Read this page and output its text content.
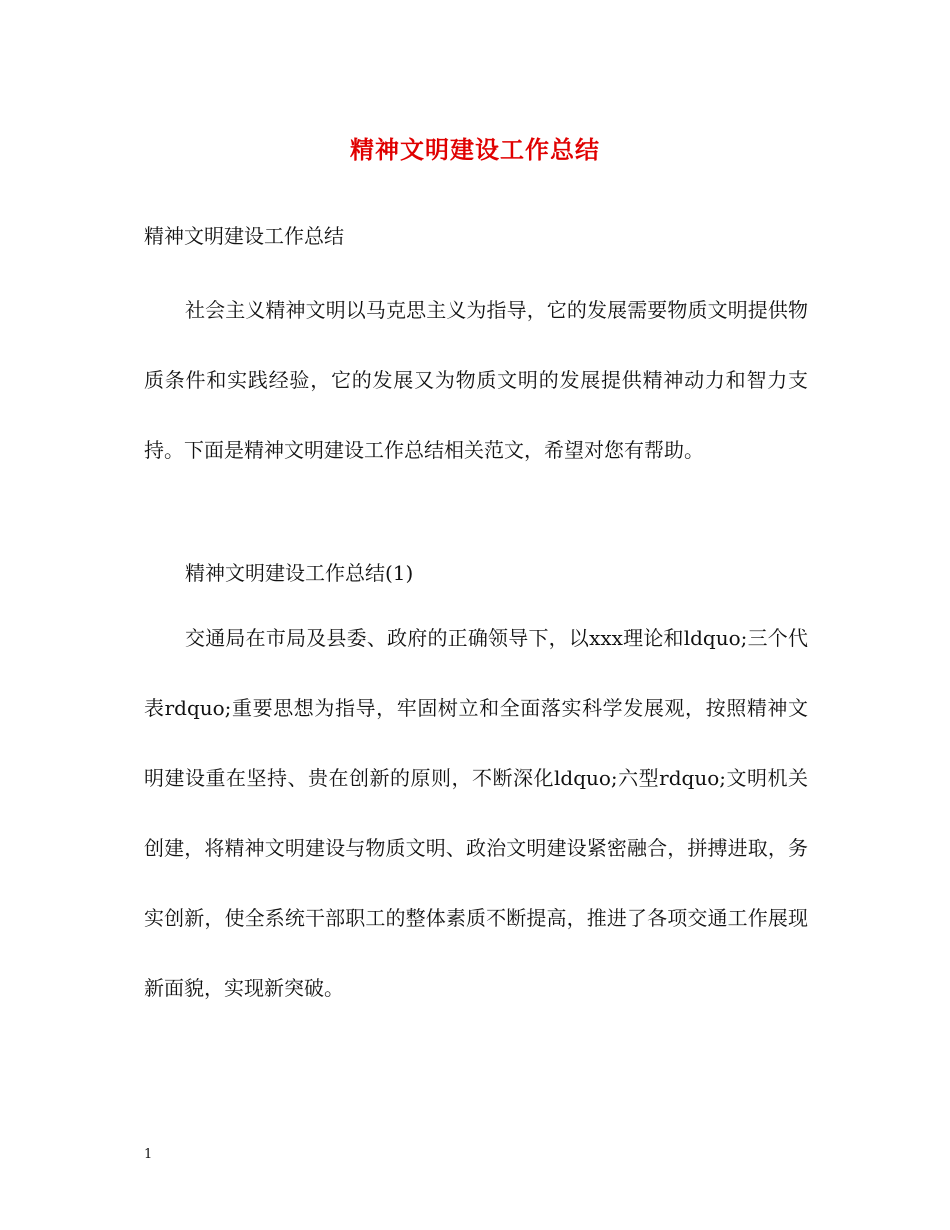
精神文明建设工作总结
精神文明建设工作总结

社会主义精神文明以马克思主义为指导，它的发展需要物质文明提供物质条件和实践经验，它的发展又为物质文明的发展提供精神动力和智力支持。下面是精神文明建设工作总结相关范文，希望对您有帮助。

精神文明建设工作总结(1)

交通局在市局及县委、政府的正确领导下，以xxx理论和ldquo;三个代表rdquo;重要思想为指导，牢固树立和全面落实科学发展观，按照精神文明建设重在坚持、贵在创新的原则，不断深化ldquo;六型rdquo;文明机关创建，将精神文明建设与物质文明、政治文明建设紧密融合，拼搏进取，务实创新，使全系统干部职工的整体素质不断提高，推进了各项交通工作展现新面貌，实现新突破。

1
